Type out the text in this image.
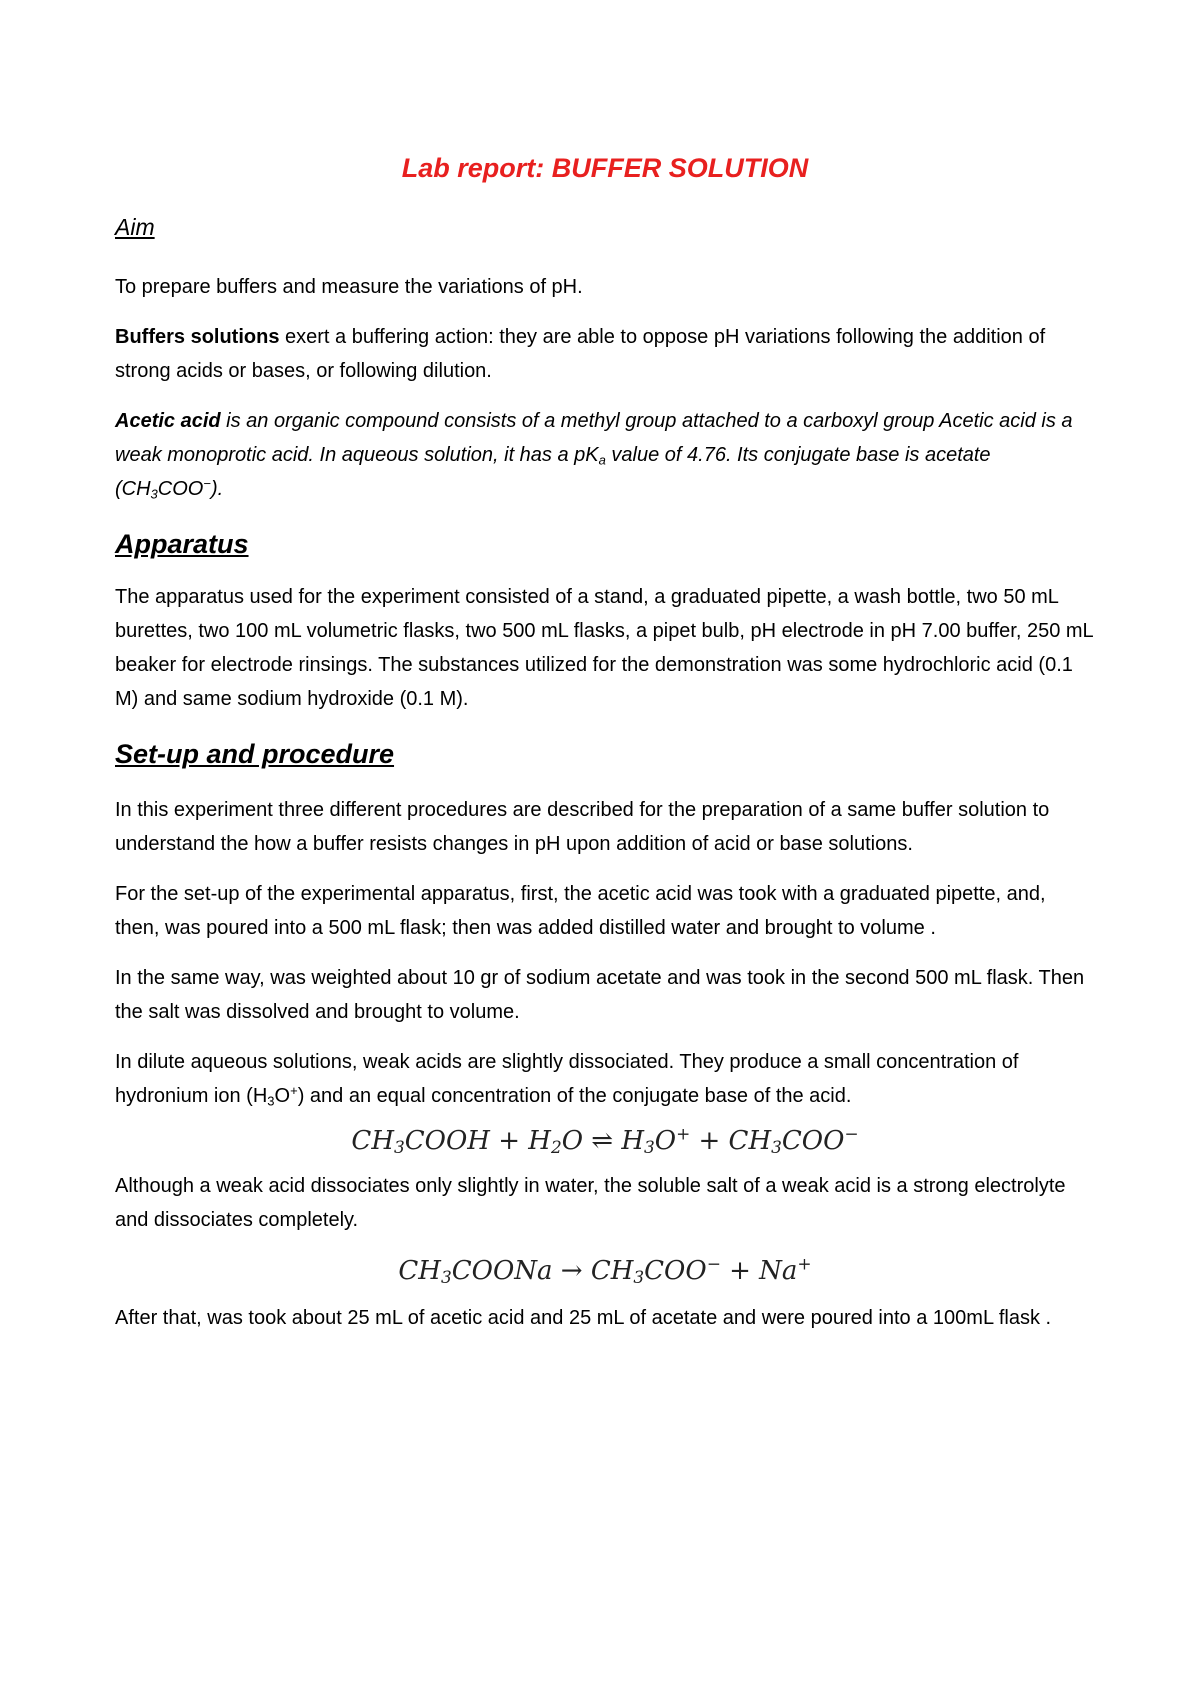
Lab report: BUFFER SOLUTION
Aim

To prepare buffers and measure the variations of pH.

Buffers solutions exert a buffering action: they are able to oppose pH variations following the addition of strong acids or bases, or following dilution.

Acetic acid is an organic compound consists of a methyl group attached to a carboxyl group Acetic acid is a weak monoprotic acid. In aqueous solution, it has a $pK_a$ value of 4.76. Its conjugate base is acetate $(CH_3COO^-)$.

Apparatus

The apparatus used for the experiment consisted of a stand, a graduated pipette, a wash bottle, two 50 mL burettes, two 100 mL volumetric flasks, two 500 mL flasks, a pipet bulb, pH electrode in pH 7.00 buffer, 250 mL beaker for electrode rinsings. The substances utilized for the demonstration was some hydrochloric acid (0.1 M) and same sodium hydroxide (0.1 M).

Set-up and procedure

In this experiment three different procedures are described for the preparation of a same buffer solution to understand the how a buffer resists changes in pH upon addition of acid or base solutions.

For the set-up of the experimental apparatus, first, the acetic acid was took with a graduated pipette, and, then, was poured into a 500 mL flask; then was added distilled water and brought to volume .

In the same way, was weighted about 10 gr of sodium acetate and was took in the second 500 mL flask. Then the salt was dissolved and brought to volume.

In dilute aqueous solutions, weak acids are slightly dissociated. They produce a small concentration of hydronium ion $(H_3O^+)$ and an equal concentration of the conjugate base of the acid.

$CH_3COOH + H_2O$ ⇌ $H_3O^+ + CH_3COO^-$

Although a weak acid dissociates only slightly in water, the soluble salt of a weak acid is a strong electrolyte and dissociates completely.

$CH_3COONa \to CH_3COO^- + Na^+$

After that, was took about 25 mL of acetic acid and 25 mL of acetate and were poured into a 100mL flask .
